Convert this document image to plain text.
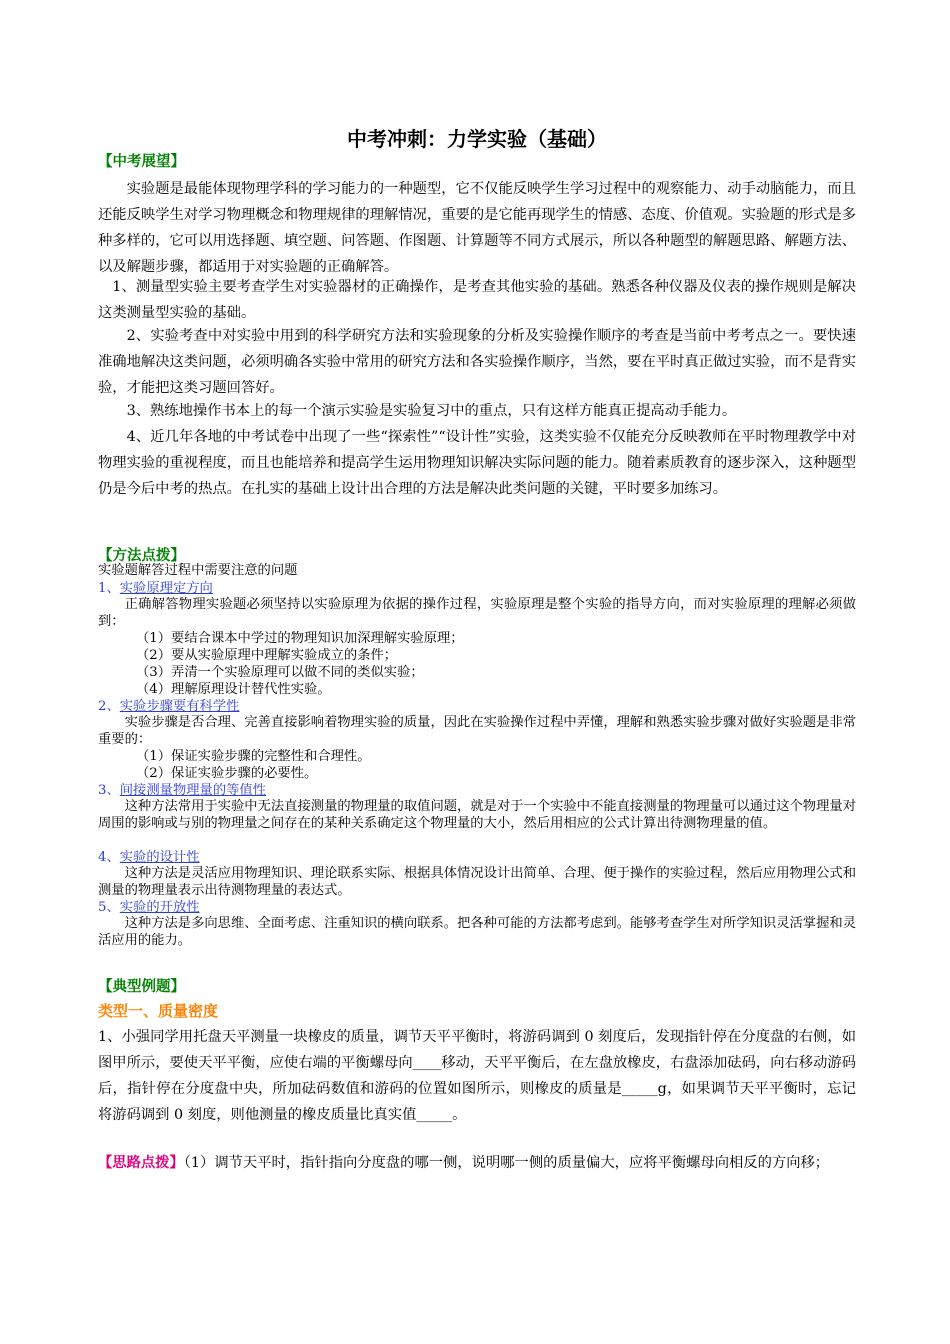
中考冲刺：力学实验（基础）
【中考展望】
实验题是最能体现物理学科的学习能力的一种题型，它不仅能反映学生学习过程中的观察能力、动手动脑能力，而且还能反映学生对学习物理概念和物理规律的理解情况，重要的是它能再现学生的情感、态度、价值观。实验题的形式是多种多样的，它可以用选择题、填空题、问答题、作图题、计算题等不同方式展示，所以各种题型的解题思路、解题方法、以及解题步骤，都适用于对实验题的正确解答。
1、测量型实验主要考查学生对实验器材的正确操作，是考查其他实验的基础。熟悉各种仪器及仪表的操作规则是解决这类测量型实验的基础。
2、实验考查中对实验中用到的科学研究方法和实验现象的分析及实验操作顺序的考查是当前中考考点之一。要快速准确地解决这类问题，必须明确各实验中常用的研究方法和各实验操作顺序，当然，要在平时真正做过实验，而不是背实验，才能把这类习题回答好。
3、熟练地操作书本上的每一个演示实验是实验复习中的重点，只有这样方能真正提高动手能力。
4、近几年各地的中考试卷中出现了一些“探索性”“设计性”实验，这类实验不仅能充分反映教师在平时物理教学中对物理实验的重视程度，而且也能培养和提高学生运用物理知识解决实际问题的能力。随着素质教育的逐步深入，这种题型仍是今后中考的热点。在扎实的基础上设计出合理的方法是解决此类问题的关键，平时要多加练习。
【方法点拨】
实验题解答过程中需要注意的问题
1、实验原理定方向
正确解答物理实验题必须坚持以实验原理为依据的操作过程，实验原理是整个实验的指导方向，而对实验原理的理解必须做到：
（1）要结合课本中学过的物理知识加深理解实验原理；
（2）要从实验原理中理解实验成立的条件；
（3）弄清一个实验原理可以做不同的类似实验；
（4）理解原理设计替代性实验。
2、实验步骤要有科学性
实验步骤是否合理、完善直接影响着物理实验的质量，因此在实验操作过程中弄懂，理解和熟悉实验步骤对做好实验题是非常重要的：
（1）保证实验步骤的完整性和合理性。
（2）保证实验步骤的必要性。
3、间接测量物理量的等值性
这种方法常用于实验中无法直接测量的物理量的取值问题，就是对于一个实验中不能直接测量的物理量可以通过这个物理量对周围的影响或与别的物理量之间存在的某种关系确定这个物理量的大小，然后用相应的公式计算出待测物理量的值。
4、实验的设计性
这种方法是灵活应用物理知识、理论联系实际、根据具体情况设计出简单、合理、便于操作的实验过程，然后应用物理公式和测量的物理量表示出待测物理量的表达式。
5、实验的开放性
这种方法是多向思维、全面考虑、注重知识的横向联系。把各种可能的方法都考虑到。能够考查学生对所学知识灵活掌握和灵活应用的能力。
【典型例题】
类型一、质量密度
1、小强同学用托盘天平测量一块橡皮的质量，调节天平平衡时，将游码调到 0 刻度后，发现指针停在分度盘的右侧，如图甲所示，要使天平平衡，应使右端的平衡螺母向____移动，天平平衡后，在左盘放橡皮，右盘添加砝码，向右移动游码后，指针停在分度盘中央，所加砝码数值和游码的位置如图所示，则橡皮的质量是_____g，如果调节天平平衡时，忘记将游码调到 0 刻度，则他测量的橡皮质量比真实值_____。
【思路点拨】（1）调节天平时，指针指向分度盘的哪一侧，说明哪一侧的质量偏大，应将平衡螺母向相反的方向移；
